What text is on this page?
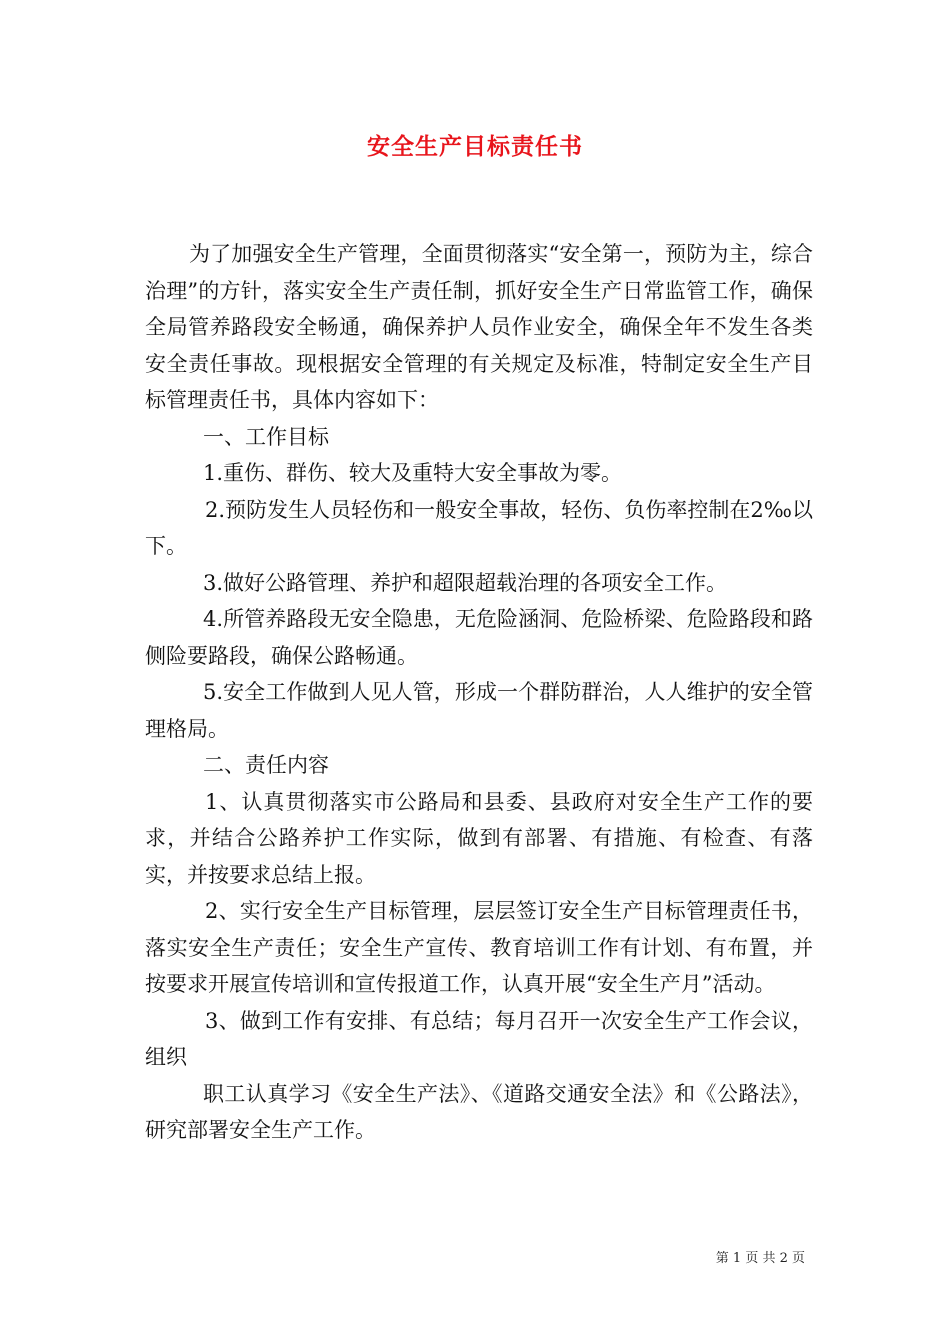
安全生产目标责任书

为了加强安全生产管理，全面贯彻落实“安全第一，预防为主，综合治理”的方针，落实安全生产责任制，抓好安全生产日常监管工作，确保全局管养路段安全畅通，确保养护人员作业安全，确保全年不发生各类安全责任事故。现根据安全管理的有关规定及标准，特制定安全生产目标管理责任书，具体内容如下：

一、工作目标

1.重伤、群伤、较大及重特大安全事故为零。

2.预防发生人员轻伤和一般安全事故，轻伤、负伤率控制在2‰以下。

3.做好公路管理、养护和超限超载治理的各项安全工作。

4.所管养路段无安全隐患，无危险涵洞、危险桥梁、危险路段和路侧险要路段，确保公路畅通。

5.安全工作做到人见人管，形成一个群防群治，人人维护的安全管理格局。

二、责任内容

1、认真贯彻落实市公路局和县委、县政府对安全生产工作的要求，并结合公路养护工作实际，做到有部署、有措施、有检查、有落实，并按要求总结上报。

2、实行安全生产目标管理，层层签订安全生产目标管理责任书，落实安全生产责任；安全生产宣传、教育培训工作有计划、有布置，并按要求开展宣传培训和宣传报道工作，认真开展“安全生产月”活动。

3、做到工作有安排、有总结；每月召开一次安全生产工作会议，组织

职工认真学习《安全生产法》、《道路交通安全法》和《公路法》，研究部署安全生产工作。

第 1 页 共 2 页
